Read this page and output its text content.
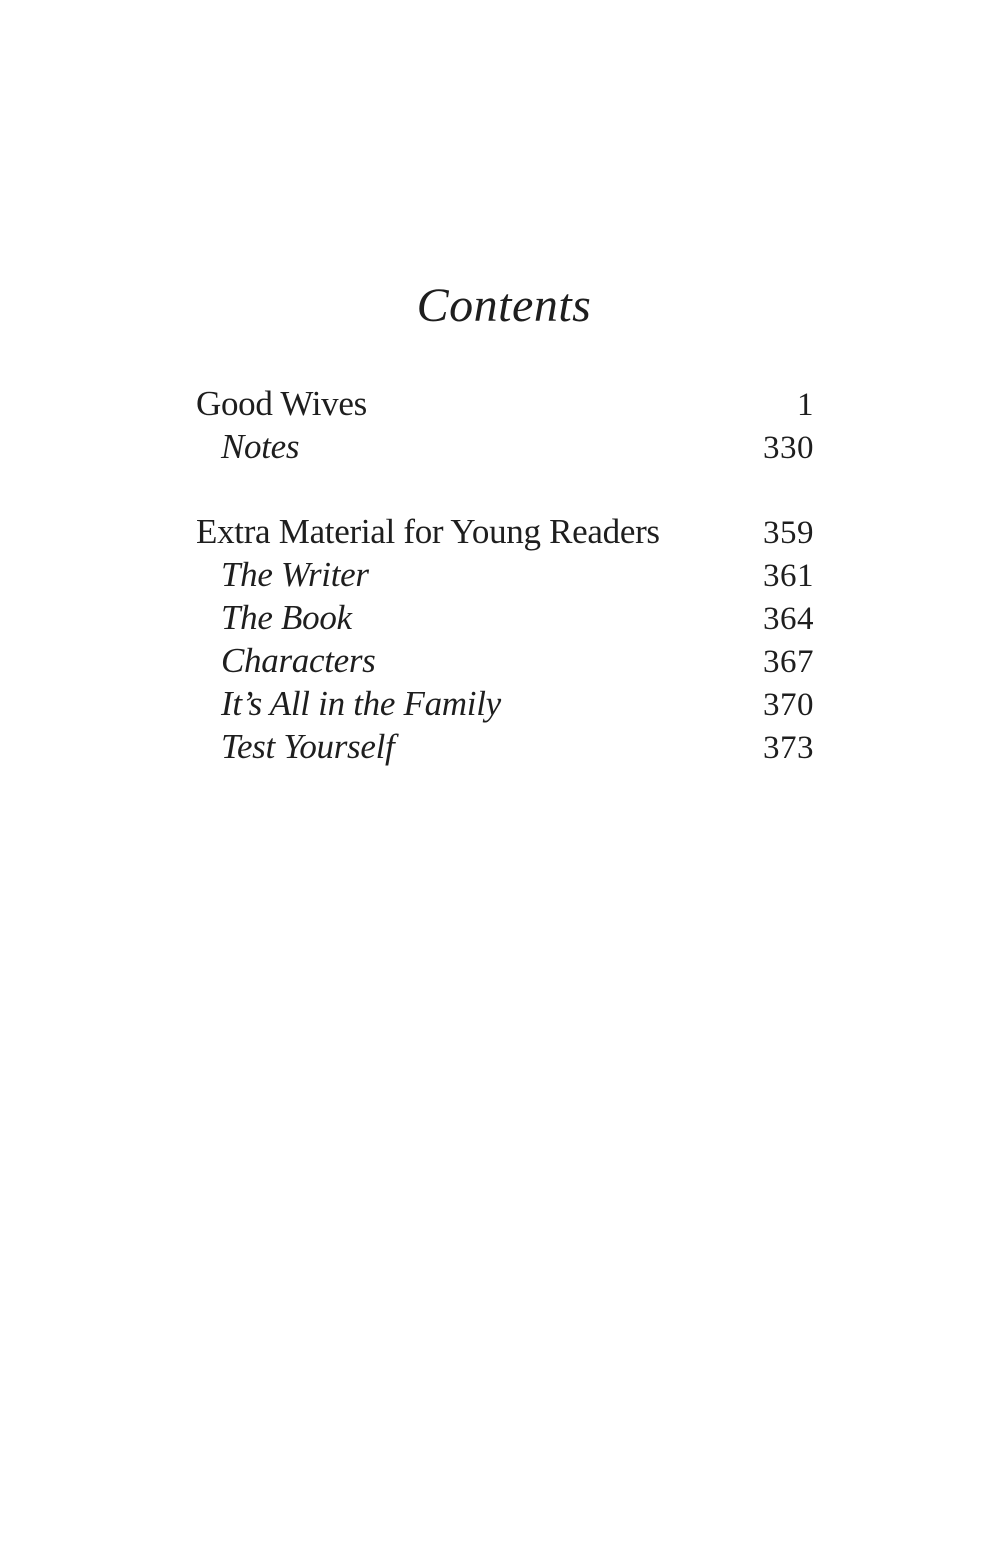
Contents
Good Wives	1
Notes	330
Extra Material for Young Readers	359
The Writer	361
The Book	364
Characters	367
It’s All in the Family	370
Test Yourself	373
